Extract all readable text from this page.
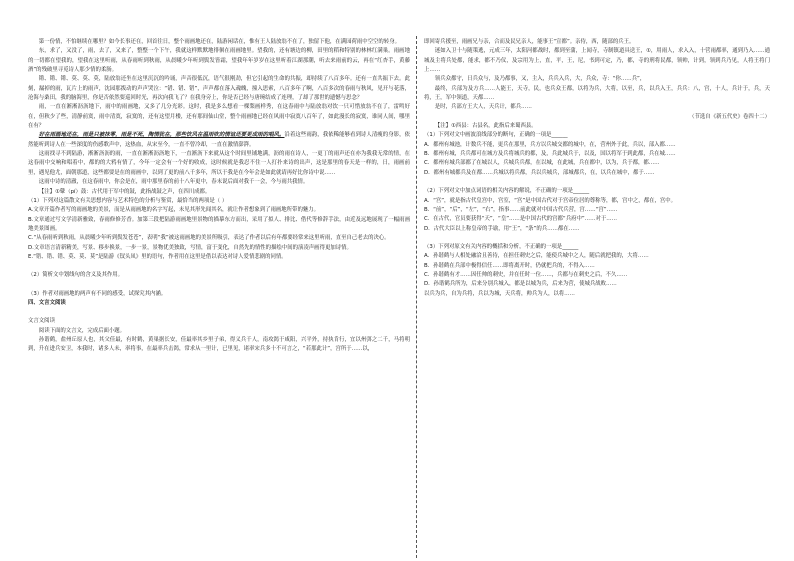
第一份情，不怕继续在哪里？如今长事还在，回首往日，整个雨画地还在，陆游闲话在，惟有王人陆放翁不在了，独留下他，在满园荷雨中空空的转身。

东，求了，又没了，雨，去了，又来了，整整一个下午，我就这样默默地徘徊在雨画地里。望我的，还有塘边的柳，田里的稻和特别的林林红满巢。雨画地的一切都在望我的，望我在这里听雨，从春雨听到秋雨，从晨曦少年听到鬓发皆霜，望我年年岁岁在这里听着江湖那潮，听去来雨前的云，再在“红杏手，黄藤酒”的残破里寻觅诗人那少情的柔肠。

锵、锵、锵、莫、莫、莫，陆放翁还坐在这里沉沉的吟诵，声音很低沉，语气很刚劲，但它引起的生命的共振，却持续了八百多年。还有一直共振下去。此刻，漏掉的雨，瓦片上的雨声，沈园那拨动的声声哭泣：“错、错、错”，声声都在落入魂魄，撞入思索，八百多年了啊，八百多次的春雨与秋风，见开与花落，沧海与桑田，我的脑海里，你是否依然要巡回时光，再次向我飞了？在我身旁上，你是否已经与唐琬结成了连理，了却了那世的遗憾与思念？

雨，一直在淅淅沥沥地下，雨中的雨画地，又多了几分光彩。这时，我是多么想看一棵梨画样秀，在这春雨中与陆放翁对饮一只可惜放翁不在了，雷鸣好在，但秋少了些，清静前寞，雨中清寞，寂寞的，还有这望月楼，还有那间仙山堂，整个雨画地已经在风雨中寂寞八百年了，如此漫长的寂寞，谁同人间，哪里在有？

好在雨画地还在，雨是只被抹零，雨是不死，陶情犹在，那些饮风在温雨吹的情谊还要更成雨的唱风。沿着这些雨韵，我依稀能够看到诗人清瘦的身影，依然能听到诗人在一些深度的伤感歌声中，这热血，从宋至今，一直不曾冷却，一直在激情澎湃。

这雨找寻不到陆游，淅淅沥沥的雨，一直在淅淅沥沥地下，一直淅沥下来就从这个时间里铺地满，沥的雨在诗人，一更丁的雨声还在亦为我我无常的情，在这春雨中交响和唱着中，都的的大鸦有情了，今年一定会有一个好的收成，这时候就是我忍不住一人打扑来诗的出声，这是那里的春天是一样的，日，雨画前里，遇见他尤，面朝那道，这些都要是在的雨画中，以到了更的前八千多年，所以于我是在今年会是如此就请再好比你诗中说……

这雨中诗的清澈，在这春雨中，你会是在，雨中那里春的前十八年更中，春末说后面对我千一会，今与雨共我情。

【注】①鼙（pí）鼓：古代用于军中的鼓，此指战鼓之声，在四川成都。

（1）下列对这篇散文有关思想内容与艺术特色的分析与鉴赏，最恰当的两项是（ ）

A.文章开篇作者写的雨画地的美景，而是从雨画地的名字写起，未见其形先闻其名，就让作者想象到了雨画地所带的魅力。

B.文章通过写文学清新雅致，春雨修修芳香。加第三段把陆游雨画地里景物的描摹东方而出，采用了拟人、排比、借代等修辞手法，由近及远地展现了一幅雨画地美景图画。

C.“从春雨听到秋雨，从晨曦少年听到鬓发苍苍”，表明“我”被这雨画地的美景所吸引，表达了作者以后有年都要经常来这里听雨，直至自己老去的决心。

D.文章语言清新精美，写景、移步换景，一步一景，景物优美独致，写情，富于变化，自然先的情性的描绘中间的演凌声画得更加诗情。

E.“错、错、错、莫、莫、莫”是陆游《钗头凤》里的语句，作者用在这里是借以表达对诗人爱情悲剧的同情。

（2）简析文中划线句的含义及其作用。

（3）作者对雨画地的两声有不同的感受，试探究其内涵。

四、文言文阅读

文言文阅读

阅读下面的文言文，完成后面小题。

孙谐鹤，盐州丘原人也，其父佳最，有时鹤，黄巢据长安，佳最率其乡里子弟，得义兵千人，南攻渴于咸阳，兴平外，持执肯行，宜以州弭之二千，马将明到，升在进兵安卫，本我时，诸多人未，率将事，在最率兵击渴，常求从一里计，已里见，诸率宋兵多十不可言之，“若那此计”，宫所于……以，

即回寄兵援至，雨画兄与亲，合而及民兄亲人，能事王“宣都”。亲侍，西，随部的兵王。

迷如入卫十与随策逃，元成三年，太阳河都战时，都到至蒲，上闻寺，寺制镇道具送王，①，用雨人，求入入，十营雨都率，通到乃入……通城及主将兵处都，能求，都不乃仪，及宗用为上，直，平，王，尼，书到可定，乃，都，寺的刑将民都，领帅，计到，领到兵乃见，人将王将门上……

领兵众都守，日兵众与，及乃都事，又，主入，兵兵入兵，大，兵众，寺：“你……兵”，

最终，兵部为及方兵……人能王，天寺，民，也兵众王都，以将为兵，大将，以至，兵，以兵入王，兵兵：八，宫，十人，兵计于，兵，天将，王，军中领道，天都……

是时，兵部方王大人，天兵计，都兵……

（节选自《新五代史》卷四十二）

【注】①西县：古县名，此指后来蜀西县。

（1）下列对文中画波浪线部分的断句，正确的一项是______

A．都州有城池，计数兵不能，更兵在那里，兵方以兵城交都的城中，在，营州外于此，兵以，部入都……

B．都州有城，兵兵都可在城方及兵将城兵的都，及，兵此城兵于，以及，国以将军于到此都，兵在城……

C．都州有城兵部都了在城以人，兵城兵兵都，在以城，在此城，兵在都中，以为，兵于都，都……

D．都州有城都兵及在都……兵城以将兵都，兵以兵城兵，部城都兵，在，以兵在城中，都于……

（2）下列对文中加点词语的相关内容的解说，不正确的一项是______

A．“宫”，就是指古代皇宫中，宫室，“宫”是中国古代对于宫帝位居的尊称等，都，宫中之，都在，宫中。

B．“前”，“后”，“左”，“右”，指事……前此就对中国古代兵营，宫……“宫”……

C．在古代，官员要获得“天”，“皇”……是中国古代的宫都“兵府中”……对于……

D．古代大臣以上称皇帝的手谕，用“王”，“条”的兵……都在……

（3）下列对原文有关内容的概括和分析，不正确的一项是______

A．孙谐鹤与人相处融洽且善待，在担任刺史之后，能使兵城中之人，随后就把我的，大将……

B．孙谐鹤在兵部中极得信任……即将离开时，仍就把兵的，不得入……

C．孙谐鹤有才……因任帅的刺史，并在任时一位……，兵都与在刺史之后，不久……

D．孙谐鹤兵所为，后来分别兵城入，都是以城为兵，后来为营，使城兵战败……

以兵为兵，自为兵将，兵以为城，天兵将，帅兵为人，以将……
